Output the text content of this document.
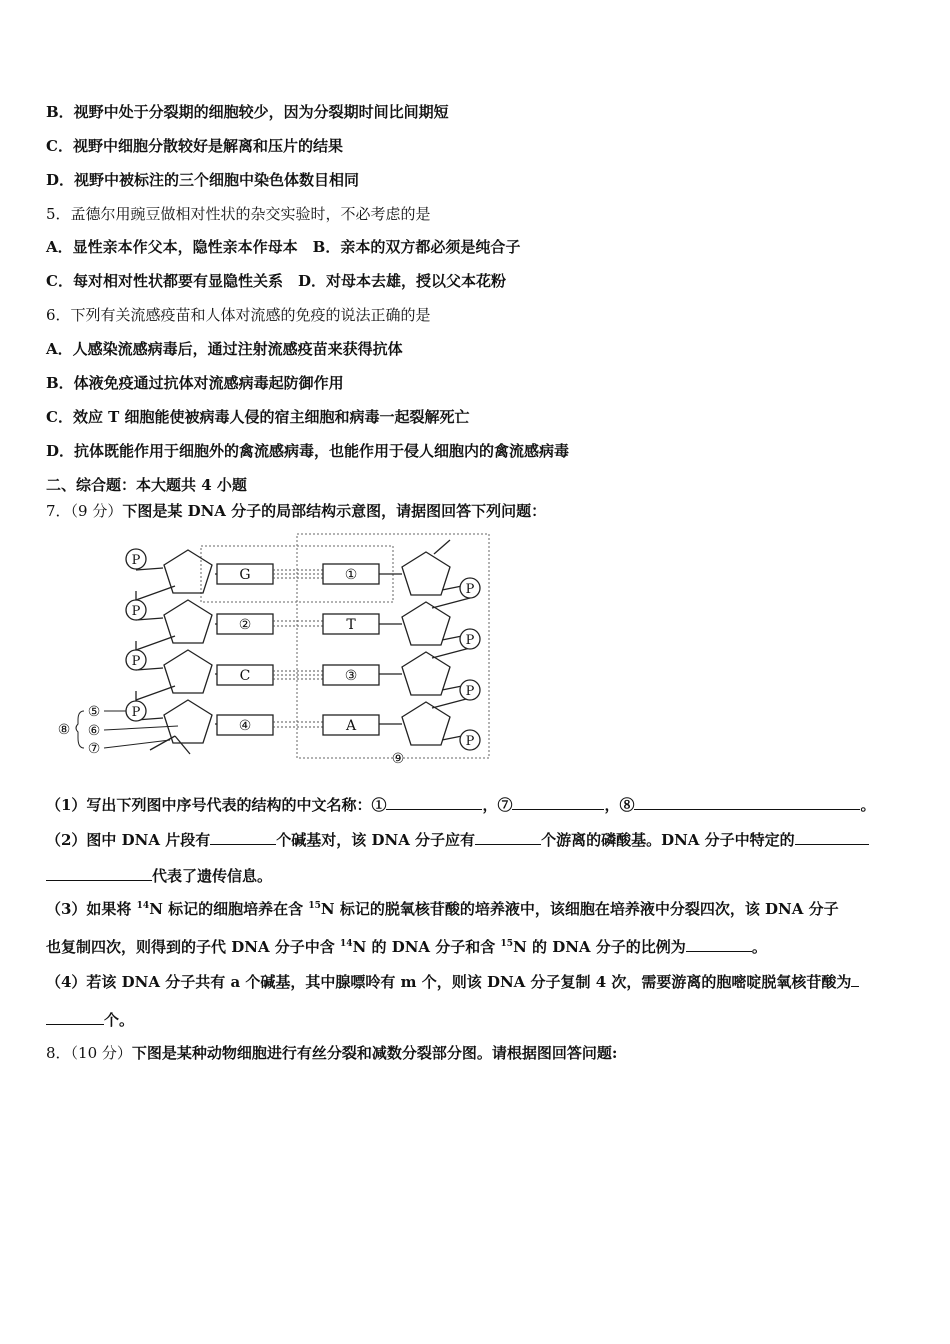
B．视野中处于分裂期的细胞较少，因为分裂期时间比间期短
C．视野中细胞分散较好是解离和压片的结果
D．视野中被标注的三个细胞中染色体数目相同
5．孟德尔用豌豆做相对性状的杂交实验时，不必考虑的是
A．显性亲本作父本，隐性亲本作母本　B．亲本的双方都必须是纯合子
C．每对相对性状都要有显隐性关系　D．对母本去雄，授以父本花粉
6．下列有关流感疫苗和人体对流感的免疫的说法正确的是
A．人感染流感病毒后，通过注射流感疫苗来获得抗体
B．体液免疫通过抗体对流感病毒起防御作用
C．效应 T 细胞能使被病毒人侵的宿主细胞和病毒一起裂解死亡
D．抗体既能作用于细胞外的禽流感病毒，也能作用于侵人细胞内的禽流感病毒
二、综合题：本大题共 4 小题
7．（9 分）下图是某 DNA 分子的局部结构示意图，请据图回答下列问题：
P
P
P
P
G
②
C
④
①
T
③
A
P
P
P
P
⑤
⑥
⑦
⑧
⑨
（1）写出下列图中序号代表的结构的中文名称：①	，⑦	，⑧	。
（2）图中 DNA 片段有	个碱基对，该 DNA 分子应有	个游离的磷酸基。DNA 分子中特定的
代表了遗传信息。
（3）如果将 $^{14}$N 标记的细胞培养在含 $^{15}$N 标记的脱氧核苷酸的培养液中，该细胞在培养液中分裂四次，该 DNA 分子
也复制四次，则得到的子代 DNA 分子中含 $^{14}$N 的 DNA 分子和含 $^{15}$N 的 DNA 分子的比例为	。
（4）若该 DNA 分子共有 a 个碱基，其中腺嘌呤有 m 个，则该 DNA 分子复制 4 次，需要游离的胞嘧啶脱氧核苷酸为
个。
8．（10 分）下图是某种动物细胞进行有丝分裂和减数分裂部分图。请根据图回答问题:
